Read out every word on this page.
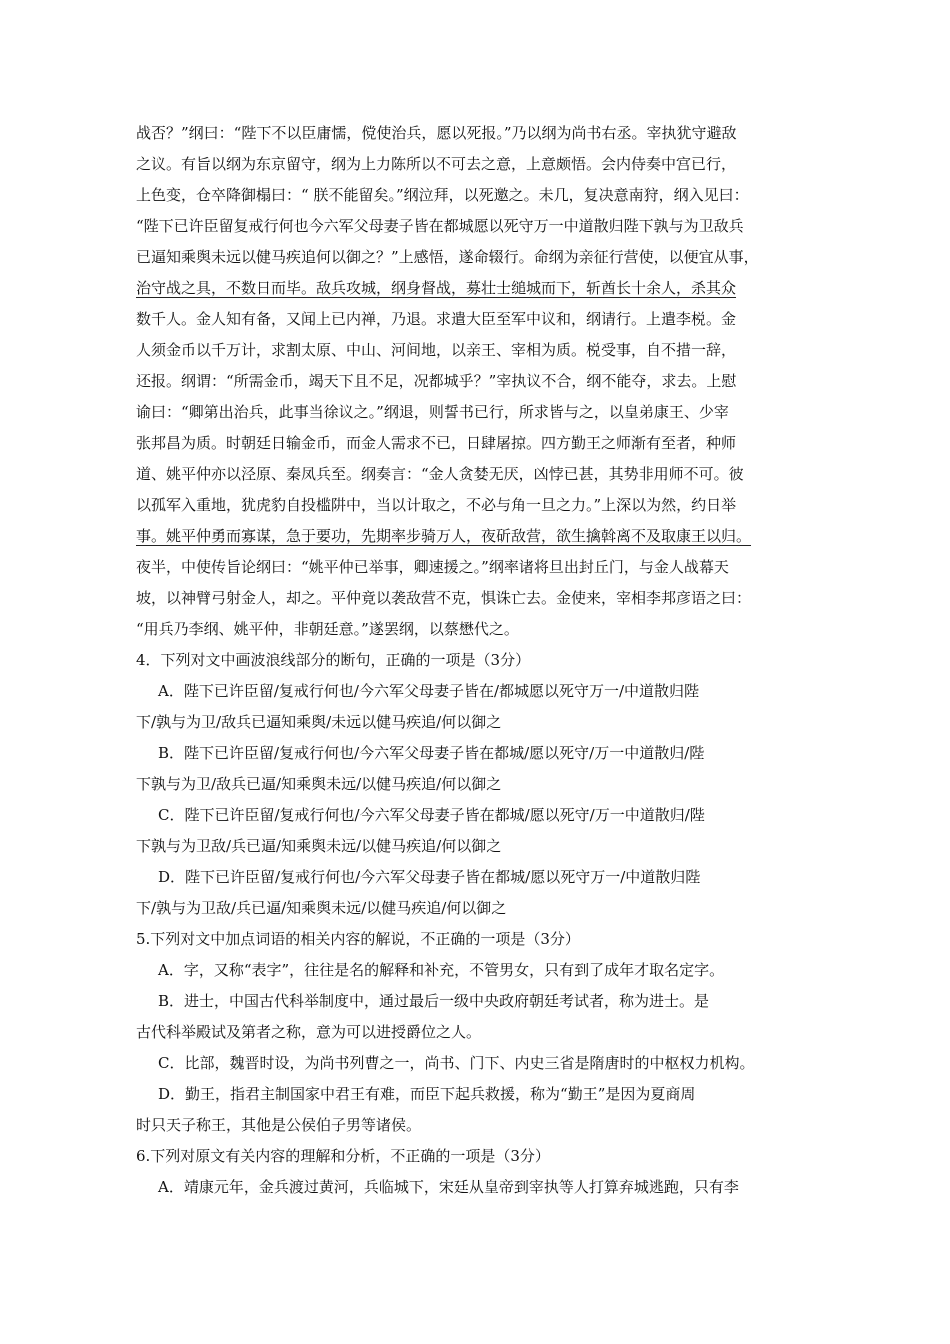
战否？”纲曰：“陛下不以臣庸懦，傥使治兵，愿以死报。”乃以纲为尚书右丞。宰执犹守避敌
之议。有旨以纲为东京留守，纲为上力陈所以不可去之意，上意颇悟。会内侍奏中宫已行，
上色变，仓卒降御榻曰：“ 朕不能留矣。”纲泣拜，以死邀之。未几，复决意南狩，纲入见曰：
“陛下已许臣留复戒行何也今六军父母妻子皆在都城愿以死守万一中道散归陛下孰与为卫敌兵
已逼知乘舆未远以健马疾追何以御之？”上感悟，遂命辍行。命纲为亲征行营使，以便宜从事，
治守战之具，不数日而毕。敌兵攻城，纲身督战，募壮士缒城而下，斩酋长十余人，杀其众
数千人。金人知有备，又闻上已内禅，乃退。求遣大臣至军中议和，纲请行。上遣李棁。金
人须金币以千万计，求割太原、中山、河间地，以亲王、宰相为质。棁受事，自不措一辞，
还报。纲谓：“所需金币，竭天下且不足，况都城乎？”宰执议不合，纲不能夺，求去。上慰
谕曰：“卿第出治兵，此事当徐议之。”纲退，则誓书已行，所求皆与之，以皇弟康王、少宰
张邦昌为质。时朝廷日输金币，而金人需求不已，日肆屠掠。四方勤王之师渐有至者，种师
道、姚平仲亦以泾原、秦凤兵至。纲奏言：“金人贪婪无厌，凶悖已甚，其势非用师不可。彼
以孤军入重地，犹虎豹自投槛阱中，当以计取之，不必与角一旦之力。”上深以为然，约日举
事。姚平仲勇而寡谋，急于要功，先期率步骑万人，夜斫敌营，欲生擒斡离不及取康王以归。
夜半，中使传旨论纲曰：“姚平仲已举事，卿速援之。”纲率诸将旦出封丘门，与金人战幕天
坡，以神臂弓射金人，却之。平仲竟以袭敌营不克，惧诛亡去。金使来，宰相李邦彦语之曰：
“用兵乃李纲、姚平仲，非朝廷意。”遂罢纲，以蔡懋代之。
4．下列对文中画波浪线部分的断句，正确的一项是（3分）
A．陛下已许臣留/复戒行何也/今六军父母妻子皆在/都城愿以死守万一/中道散归陛
下/孰与为卫/敌兵已逼知乘舆/未远以健马疾追/何以御之
B．陛下已许臣留/复戒行何也/今六军父母妻子皆在都城/愿以死守/万一中道散归/陛
下孰与为卫/敌兵已逼/知乘舆未远/以健马疾追/何以御之
C．陛下已许臣留/复戒行何也/今六军父母妻子皆在都城/愿以死守/万一中道散归/陛
下孰与为卫敌/兵已逼/知乘舆未远/以健马疾追/何以御之
D．陛下已许臣留/复戒行何也/今六军父母妻子皆在都城/愿以死守万一/中道散归陛
下/孰与为卫敌/兵已逼/知乘舆未远/以健马疾追/何以御之
5.下列对文中加点词语的相关内容的解说，不正确的一项是（3分）
A．字，又称“表字”，往往是名的解释和补充，不管男女，只有到了成年才取名定字。
B．进士，中国古代科举制度中，通过最后一级中央政府朝廷考试者，称为进士。是
古代科举殿试及第者之称，意为可以进授爵位之人。
C．比部，魏晋时设，为尚书列曹之一，尚书、门下、内史三省是隋唐时的中枢权力机构。
D．勤王，指君主制国家中君王有难，而臣下起兵救援，称为“勤王”是因为夏商周
时只天子称王，其他是公侯伯子男等诸侯。
6.下列对原文有关内容的理解和分析，不正确的一项是（3分）
A．靖康元年，金兵渡过黄河，兵临城下，宋廷从皇帝到宰执等人打算弃城逃跑，只有李
